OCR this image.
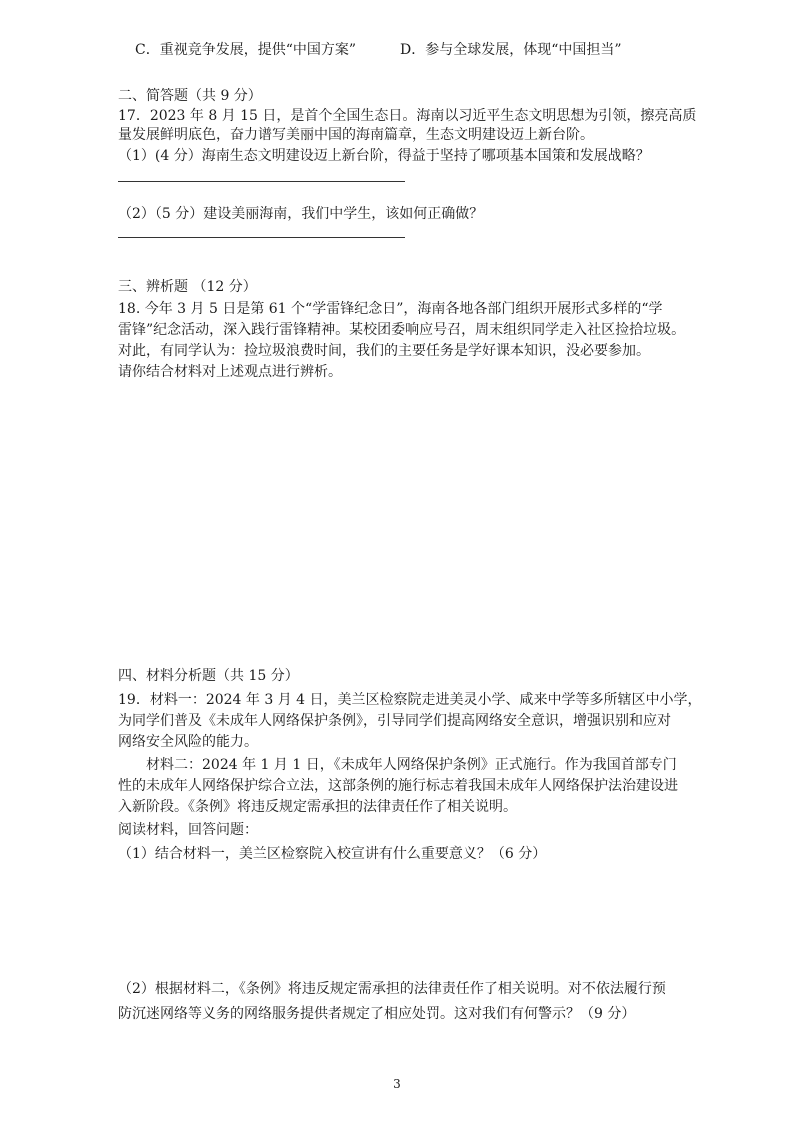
C．重视竞争发展，提供“中国方案”	D．参与全球发展，体现“中国担当”
二、简答题（共 9 分）
17．2023 年 8 月 15 日，是首个全国生态日。海南以习近平生态文明思想为引领，擦亮高质
量发展鲜明底色，奋力谱写美丽中国的海南篇章，生态文明建设迈上新台阶。
（1）(4 分）海南生态文明建设迈上新台阶，得益于坚持了哪项基本国策和发展战略？
（2）（5 分）建设美丽海南，我们中学生，该如何正确做？
三、辨析题 （12 分）
18. 今年 3 月 5 日是第 61 个“学雷锋纪念日”，海南各地各部门组织开展形式多样的“学
雷锋”纪念活动，深入践行雷锋精神。某校团委响应号召，周末组织同学走入社区捡拾垃圾。
对此，有同学认为：捡垃圾浪费时间，我们的主要任务是学好课本知识，没必要参加。
请你结合材料对上述观点进行辨析。
四、材料分析题（共 15 分）
19．材料一：2024 年 3 月 4 日，美兰区检察院走进美灵小学、咸来中学等多所辖区中小学，
为同学们普及《未成年人网络保护条例》，引导同学们提高网络安全意识，增强识别和应对
网络安全风险的能力。
材料二：2024 年 1 月 1 日，《未成年人网络保护条例》正式施行。作为我国首部专门
性的未成年人网络保护综合立法，这部条例的施行标志着我国未成年人网络保护法治建设进
入新阶段。《条例》将违反规定需承担的法律责任作了相关说明。
阅读材料，回答问题：
（1）结合材料一，美兰区检察院入校宣讲有什么重要意义？（6 分）
（2）根据材料二，《条例》将违反规定需承担的法律责任作了相关说明。对不依法履行预
防沉迷网络等义务的网络服务提供者规定了相应处罚。这对我们有何警示？（9 分）
3
